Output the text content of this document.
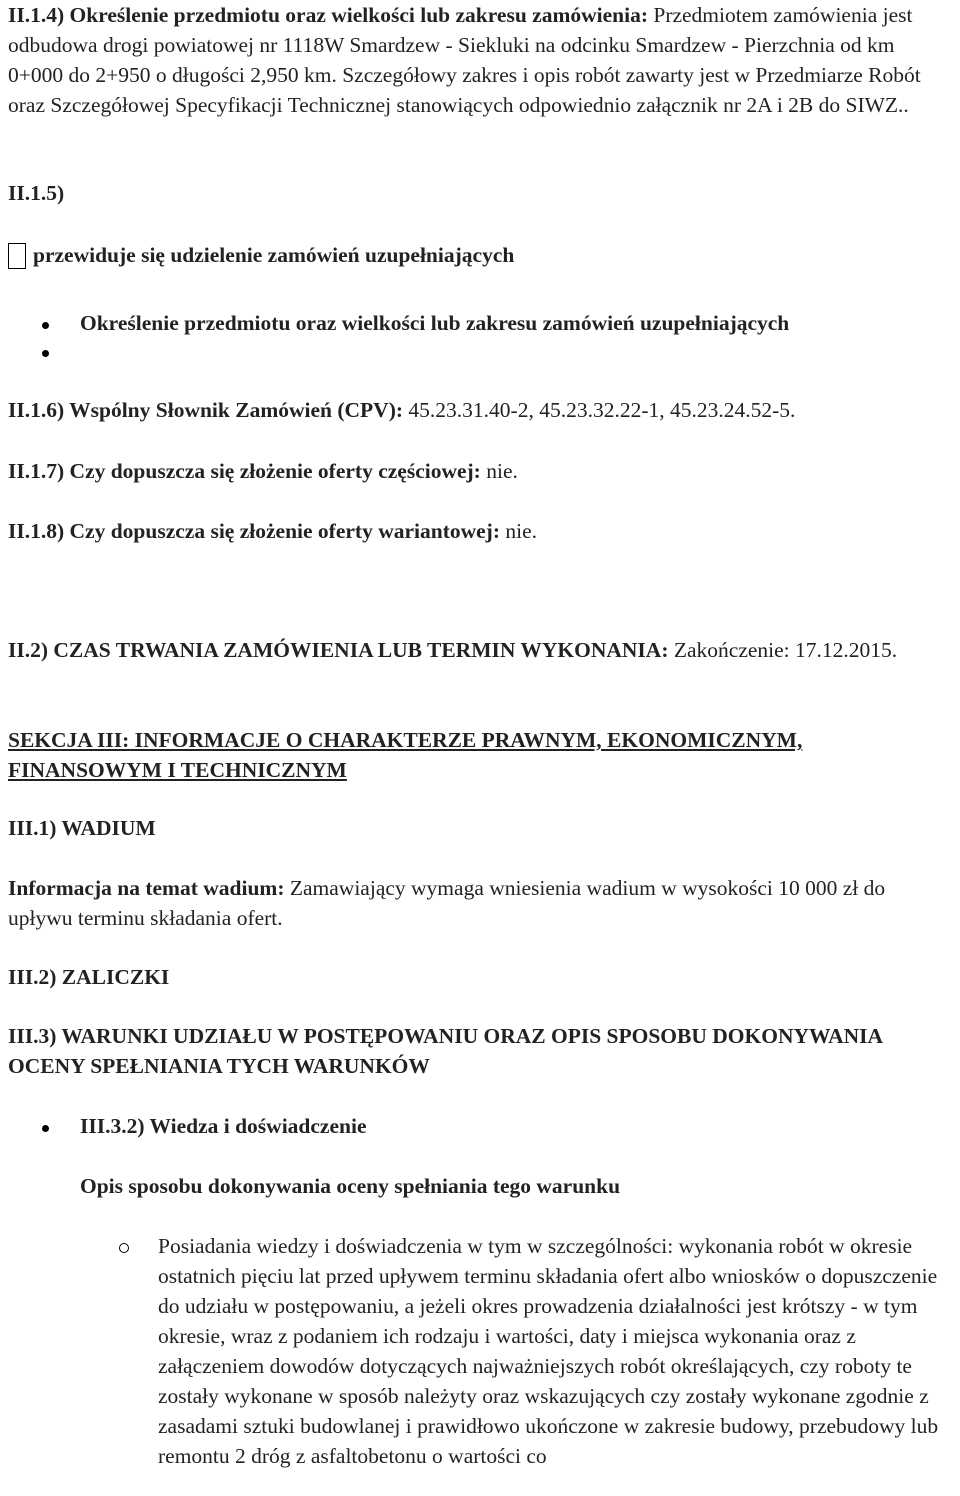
II.1.4) Określenie przedmiotu oraz wielkości lub zakresu zamówienia: Przedmiotem zamówienia jest odbudowa drogi powiatowej nr 1118W Smardzew - Siekluki na odcinku Smardzew - Pierzchnia od km 0+000 do 2+950 o długości 2,950 km. Szczegółowy zakres i opis robót zawarty jest w Przedmiarze Robót oraz Szczegółowej Specyfikacji Technicznej stanowiących odpowiednio załącznik nr 2A i 2B do SIWZ..

II.1.5)

przewiduje się udzielenie zamówień uzupełniających

Określenie przedmiotu oraz wielkości lub zakresu zamówień uzupełniających

II.1.6) Wspólny Słownik Zamówień (CPV): 45.23.31.40-2, 45.23.32.22-1, 45.23.24.52-5.

II.1.7) Czy dopuszcza się złożenie oferty częściowej: nie.

II.1.8) Czy dopuszcza się złożenie oferty wariantowej: nie.

II.2) CZAS TRWANIA ZAMÓWIENIA LUB TERMIN WYKONANIA: Zakończenie: 17.12.2015.

SEKCJA III: INFORMACJE O CHARAKTERZE PRAWNYM, EKONOMICZNYM, FINANSOWYM I TECHNICZNYM

III.1) WADIUM

Informacja na temat wadium: Zamawiający wymaga wniesienia wadium w wysokości 10 000 zł do upływu terminu składania ofert.

III.2) ZALICZKI

III.3) WARUNKI UDZIAŁU W POSTĘPOWANIU ORAZ OPIS SPOSOBU DOKONYWANIA OCENY SPEŁNIANIA TYCH WARUNKÓW

III.3.2) Wiedza i doświadczenie

Opis sposobu dokonywania oceny spełniania tego warunku

Posiadania wiedzy i doświadczenia w tym w szczególności: wykonania robót w okresie ostatnich pięciu lat przed upływem terminu składania ofert albo wniosków o dopuszczenie do udziału w postępowaniu, a jeżeli okres prowadzenia działalności jest krótszy - w tym okresie, wraz z podaniem ich rodzaju i wartości, daty i miejsca wykonania oraz z załączeniem dowodów dotyczących najważniejszych robót określających, czy roboty te zostały wykonane w sposób należyty oraz wskazujących czy zostały wykonane zgodnie z zasadami sztuki budowlanej i prawidłowo ukończone w zakresie budowy, przebudowy lub remontu 2 dróg z asfaltobetonu o wartości co
